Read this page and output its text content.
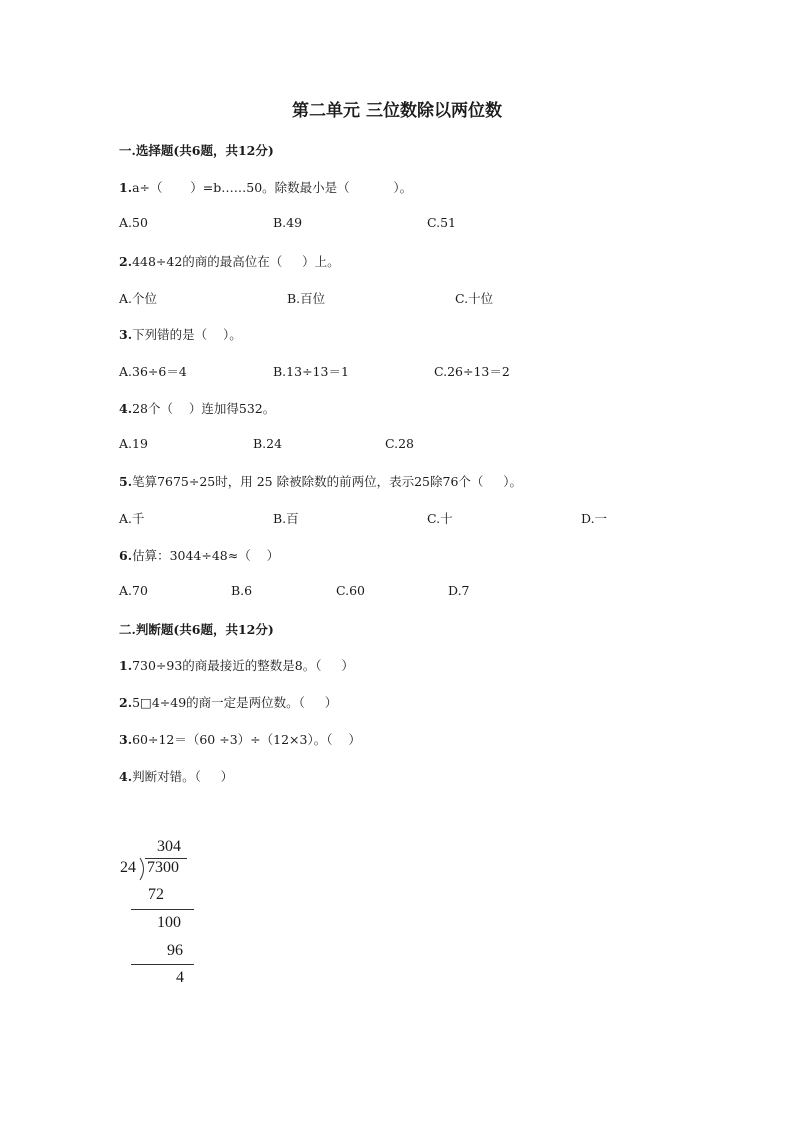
第二单元 三位数除以两位数
一.选择题(共6题，共12分)
1.a÷（       ）=b……50。除数最小是（           ）。
A.50	B.49	C.51
2.448÷42的商的最高位在（     ）上。
A.个位	B.百位	C.十位
3.下列错的是（    ）。
A.36÷6＝4	B.13÷13＝1	C.26÷13＝2
4.28个（    ）连加得532。
A.19	B.24	C.28
5.笔算7675÷25时，用 25 除被除数的前两位，表示25除76个（     ）。
A.千	B.百	C.十	D.一
6.估算：3044÷48≈（    ）
A.70	B.6	C.60	D.7
二.判断题(共6题，共12分)
1.730÷93的商最接近的整数是8。（     ）
2.5□4÷49的商一定是两位数。（     ）
3.60÷12＝（60 ÷3）÷（12×3）。（    ）
4.判断对错。（     ）
304
24 7300
72
100
96
4
